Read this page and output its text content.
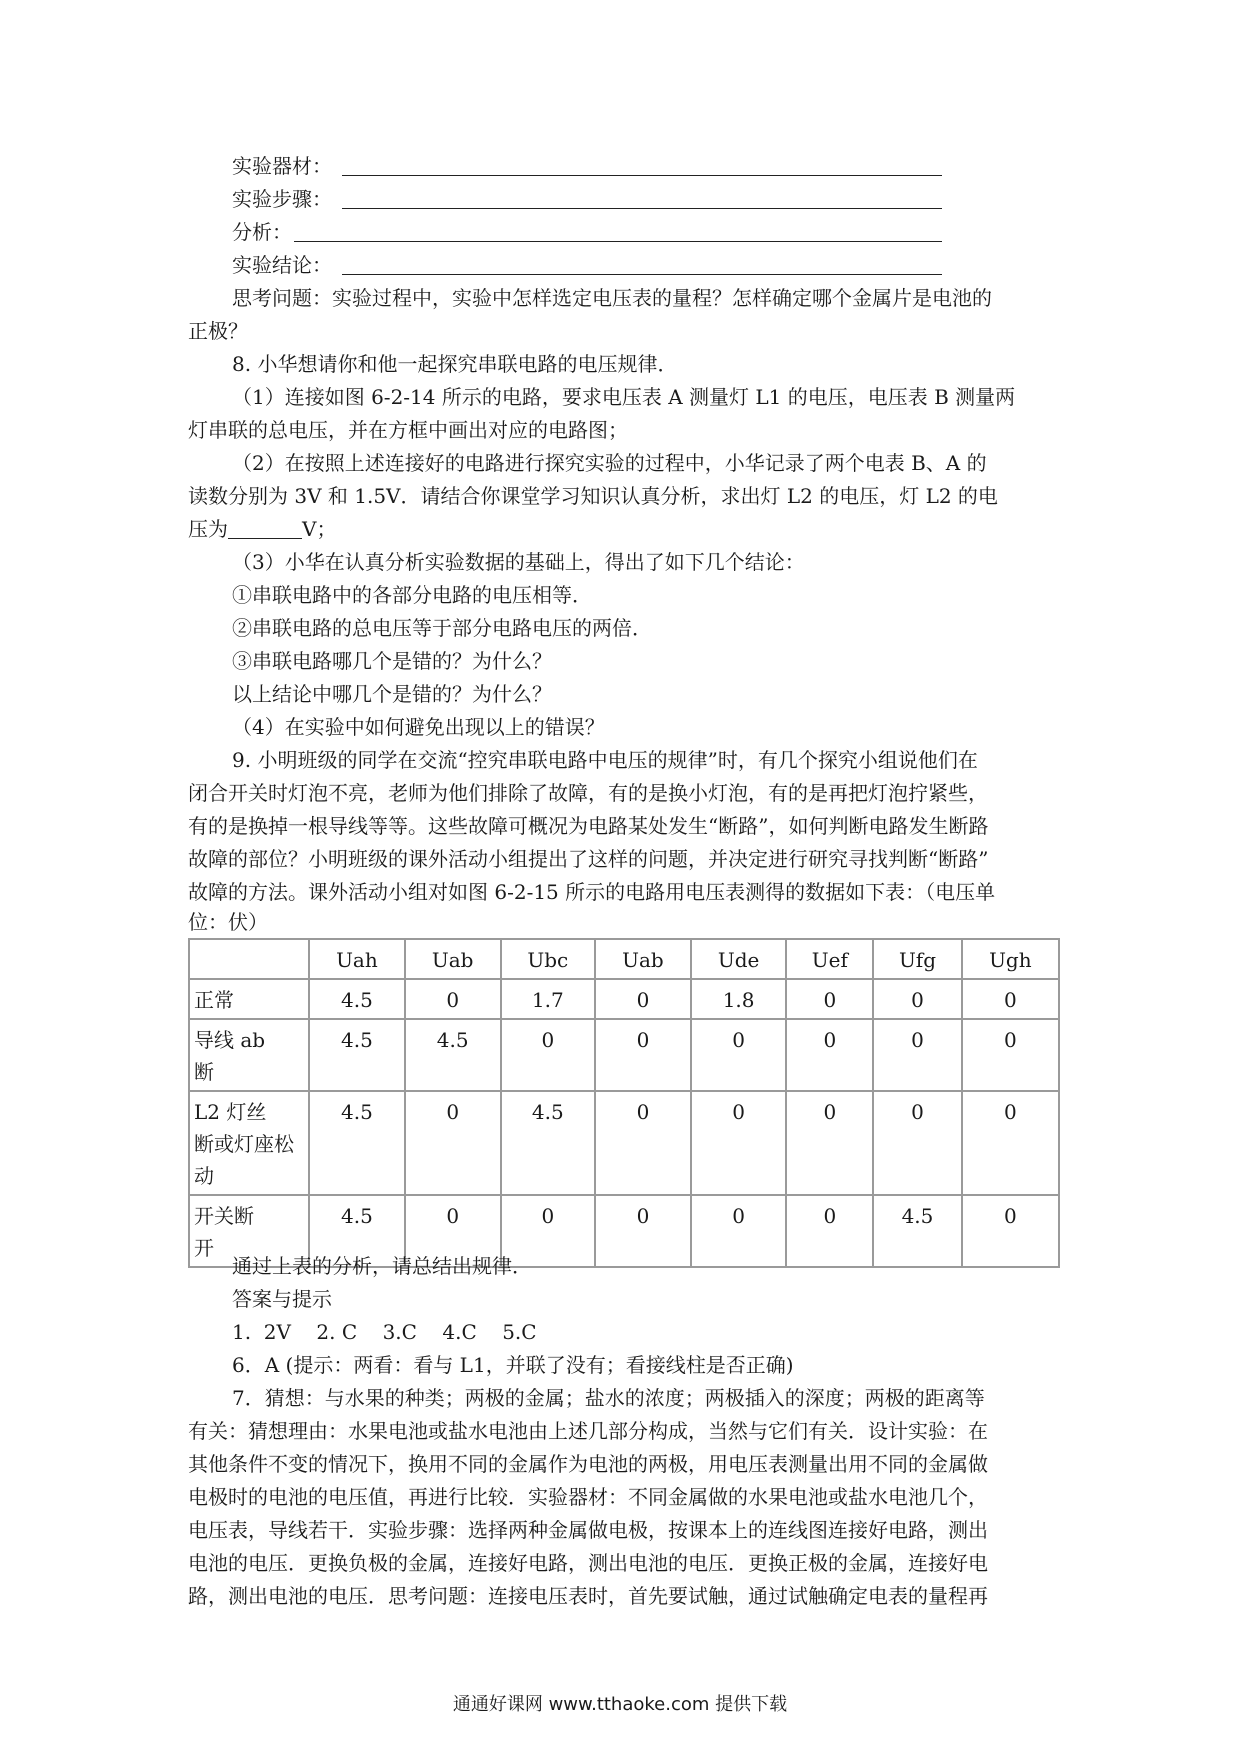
实验器材：
实验步骤：
分析：
实验结论：
思考问题：实验过程中，实验中怎样选定电压表的量程？怎样确定哪个金属片是电池的
正极？
8. 小华想请你和他一起探究串联电路的电压规律．
（1）连接如图 6-2-14 所示的电路，要求电压表 A 测量灯 L1 的电压，电压表 B 测量两
灯串联的总电压，并在方框中画出对应的电路图；
（2）在按照上述连接好的电路进行探究实验的过程中，小华记录了两个电表 B、A 的
读数分别为 3V 和 1.5V．请结合你课堂学习知识认真分析，求出灯 L2 的电压，灯 L2 的电
压为	V；
（3）小华在认真分析实验数据的基础上，得出了如下几个结论：
①串联电路中的各部分电路的电压相等．
②串联电路的总电压等于部分电路电压的两倍．
③串联电路哪几个是错的？为什么？
以上结论中哪几个是错的？为什么？
（4）在实验中如何避免出现以上的错误？
9. 小明班级的同学在交流“控究串联电路中电压的规律”时，有几个探究小组说他们在
闭合开关时灯泡不亮，老师为他们排除了故障，有的是换小灯泡，有的是再把灯泡拧紧些，
有的是换掉一根导线等等。这些故障可概况为电路某处发生“断路”，如何判断电路发生断路
故障的部位？小明班级的课外活动小组提出了这样的问题，并决定进行研究寻找判断“断路”
故障的方法。课外活动小组对如图 6-2-15 所示的电路用电压表测得的数据如下表：（电压单
位：伏）
	Uah	Uab	Ubc	Uab	Ude	Uef	Ufg	Ugh

正常	4.5	0	1.7	0	1.8	0	0	0

导线 ab
断	4.5	4.5	0	0	0	0	0	0

L2 灯丝
断或灯座松
动	4.5	0	4.5	0	0	0	0	0

开关断
开	4.5	0	0	0	0	0	4.5	0
通过上表的分析，请总结出规律．
答案与提示
1.  2V    2. C    3.C    4.C    5.C
6．A (提示：两看：看与 L1，并联了没有；看接线柱是否正确)
7．猜想：与水果的种类；两极的金属；盐水的浓度；两极插入的深度；两极的距离等
有关：猜想理由：水果电池或盐水电池由上述几部分构成，当然与它们有关．设计实验：在
其他条件不变的情况下，换用不同的金属作为电池的两极，用电压表测量出用不同的金属做
电极时的电池的电压值，再进行比较．实验器材：不同金属做的水果电池或盐水电池几个，
电压表，导线若干．实验步骤：选择两种金属做电极，按课本上的连线图连接好电路，测出
电池的电压．更换负极的金属，连接好电路，测出电池的电压．更换正极的金属，连接好电
路，测出电池的电压．思考问题：连接电压表时，首先要试触，通过试触确定电表的量程再
通通好课网 www.tthaoke.com 提供下载
